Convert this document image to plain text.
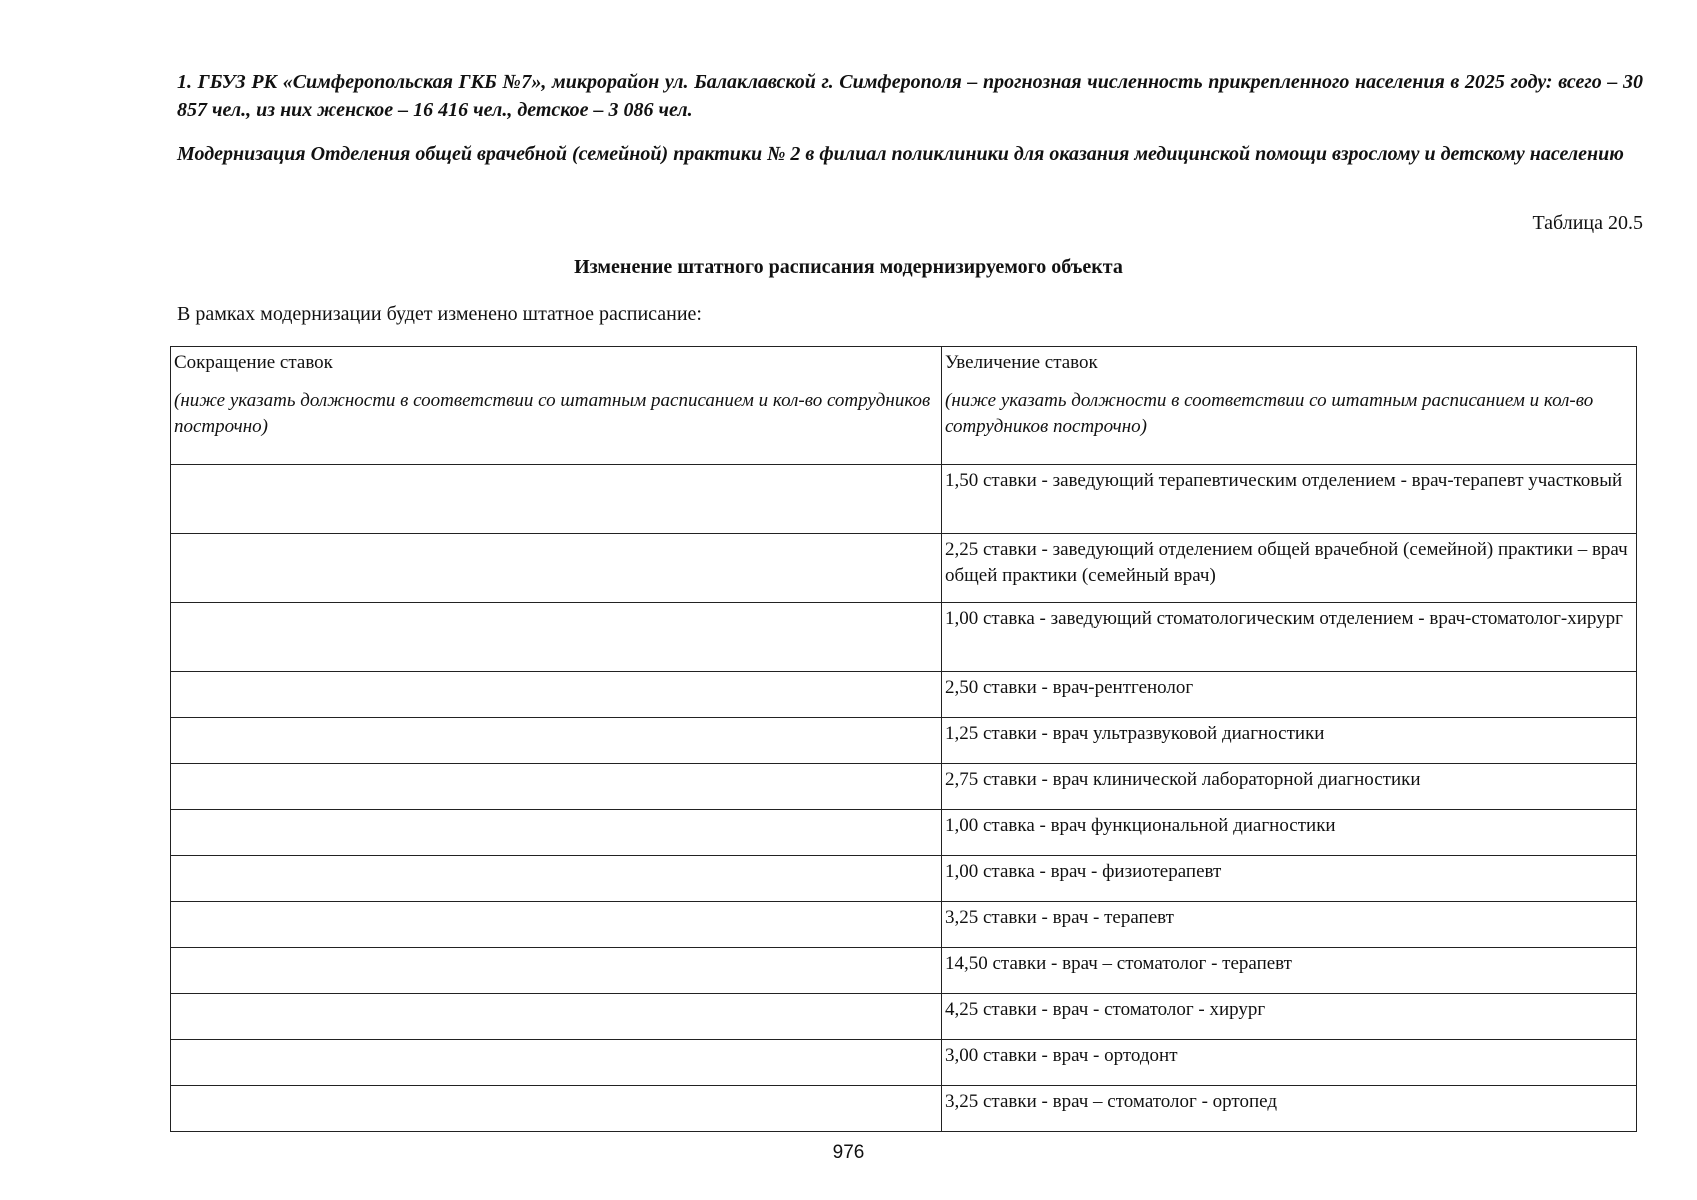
1. ГБУЗ РК «Симферопольская ГКБ №7», микрорайон ул. Балаклавской г. Симферополя – прогнозная численность прикрепленного населения в 2025 году: всего – 30 857 чел., из них женское – 16 416 чел., детское – 3 086 чел.

Модернизация Отделения общей врачебной (семейной) практики № 2 в филиал поликлиники для оказания медицинской помощи взрослому и детскому населению

Таблица 20.5

Изменение штатного расписания модернизируемого объекта

В рамках модернизации будет изменено штатное расписание:

Сокращение ставок
(ниже указать должности в соответствии со штатным расписанием и кол-во сотрудников построчно)	Увеличение ставок
(ниже указать должности в соответствии со штатным расписанием и кол-во сотрудников построчно)

	1,50 ставки - заведующий терапевтическим отделением - врач-терапевт участковый
	2,25 ставки - заведующий отделением общей врачебной (семейной) практики – врач общей практики (семейный врач)
	1,00 ставка - заведующий стоматологическим отделением - врач-стоматолог-хирург
	2,50 ставки - врач-рентгенолог
	1,25 ставки - врач ультразвуковой диагностики
	2,75 ставки - врач клинической лабораторной диагностики
	1,00 ставка - врач функциональной диагностики
	1,00 ставка - врач - физиотерапевт
	3,25 ставки - врач - терапевт
	14,50 ставки - врач – стоматолог - терапевт
	4,25 ставки - врач - стоматолог - хирург
	3,00 ставки - врач - ортодонт
	3,25 ставки - врач – стоматолог - ортопед

976
